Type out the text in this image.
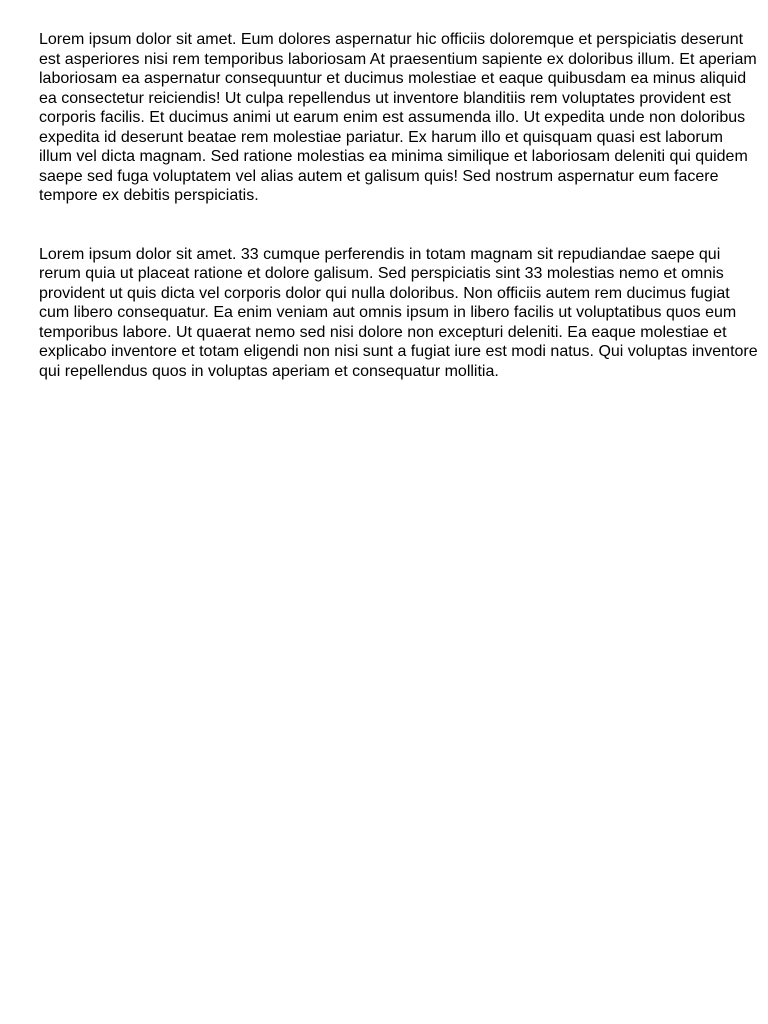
Lorem ipsum dolor sit amet. Eum dolores aspernatur hic officiis doloremque et perspiciatis deserunt est asperiores nisi rem temporibus laboriosam At praesentium sapiente ex doloribus illum. Et aperiam laboriosam ea aspernatur consequuntur et ducimus molestiae et eaque quibusdam ea minus aliquid ea consectetur reiciendis! Ut culpa repellendus ut inventore blanditiis rem voluptates provident est corporis facilis. Et ducimus animi ut earum enim est assumenda illo. Ut expedita unde non doloribus expedita id deserunt beatae rem molestiae pariatur. Ex harum illo et quisquam quasi est laborum illum vel dicta magnam. Sed ratione molestias ea minima similique et laboriosam deleniti qui quidem saepe sed fuga voluptatem vel alias autem et galisum quis! Sed nostrum aspernatur eum facere tempore ex debitis perspiciatis.

Lorem ipsum dolor sit amet. 33 cumque perferendis in totam magnam sit repudiandae saepe qui rerum quia ut placeat ratione et dolore galisum. Sed perspiciatis sint 33 molestias nemo et omnis provident ut quis dicta vel corporis dolor qui nulla doloribus. Non officiis autem rem ducimus fugiat cum libero consequatur. Ea enim veniam aut omnis ipsum in libero facilis ut voluptatibus quos eum temporibus labore. Ut quaerat nemo sed nisi dolore non excepturi deleniti. Ea eaque molestiae et explicabo inventore et totam eligendi non nisi sunt a fugiat iure est modi natus. Qui voluptas inventore qui repellendus quos in voluptas aperiam et consequatur mollitia.
